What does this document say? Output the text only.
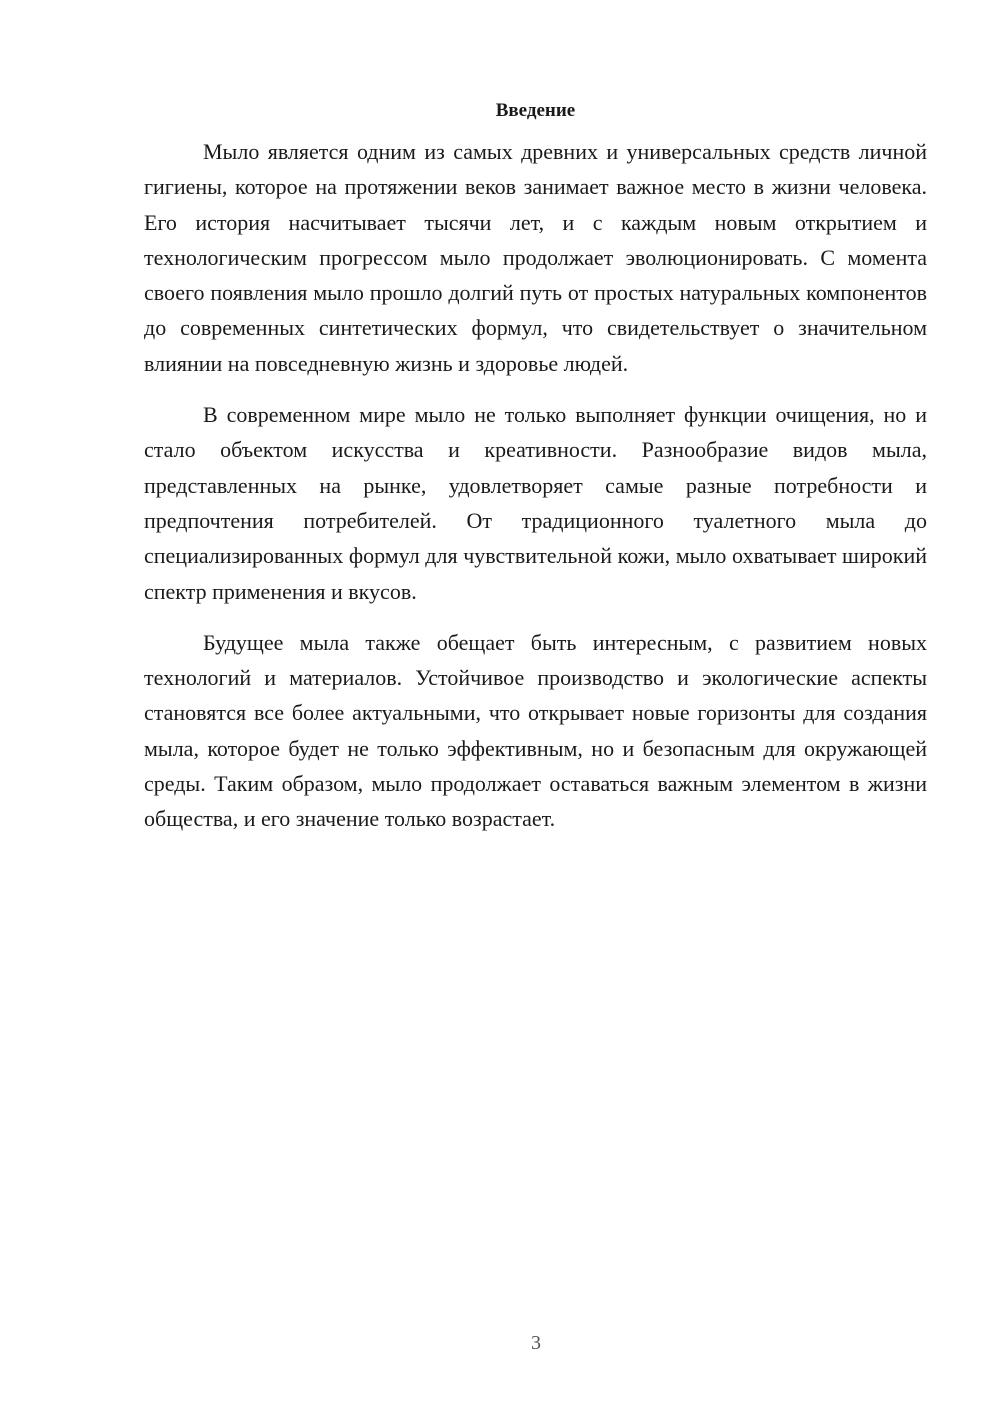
Введение

Мыло является одним из самых древних и универсальных средств личной гигиены, которое на протяжении веков занимает важное место в жизни человека. Его история насчитывает тысячи лет, и с каждым новым открытием и технологическим прогрессом мыло продолжает эволюционировать. С момента своего появления мыло прошло долгий путь от простых натуральных компонентов до современных синтетических формул, что свидетельствует о значительном влиянии на повседневную жизнь и здоровье людей.

В современном мире мыло не только выполняет функции очищения, но и стало объектом искусства и креативности. Разнообразие видов мыла, представленных на рынке, удовлетворяет самые разные потребности и предпочтения потребителей. От традиционного туалетного мыла до специализированных формул для чувствительной кожи, мыло охватывает широкий спектр применения и вкусов.

Будущее мыла также обещает быть интересным, с развитием новых технологий и материалов. Устойчивое производство и экологические аспекты становятся все более актуальными, что открывает новые горизонты для создания мыла, которое будет не только эффективным, но и безопасным для окружающей среды. Таким образом, мыло продолжает оставаться важным элементом в жизни общества, и его значение только возрастает.

3
